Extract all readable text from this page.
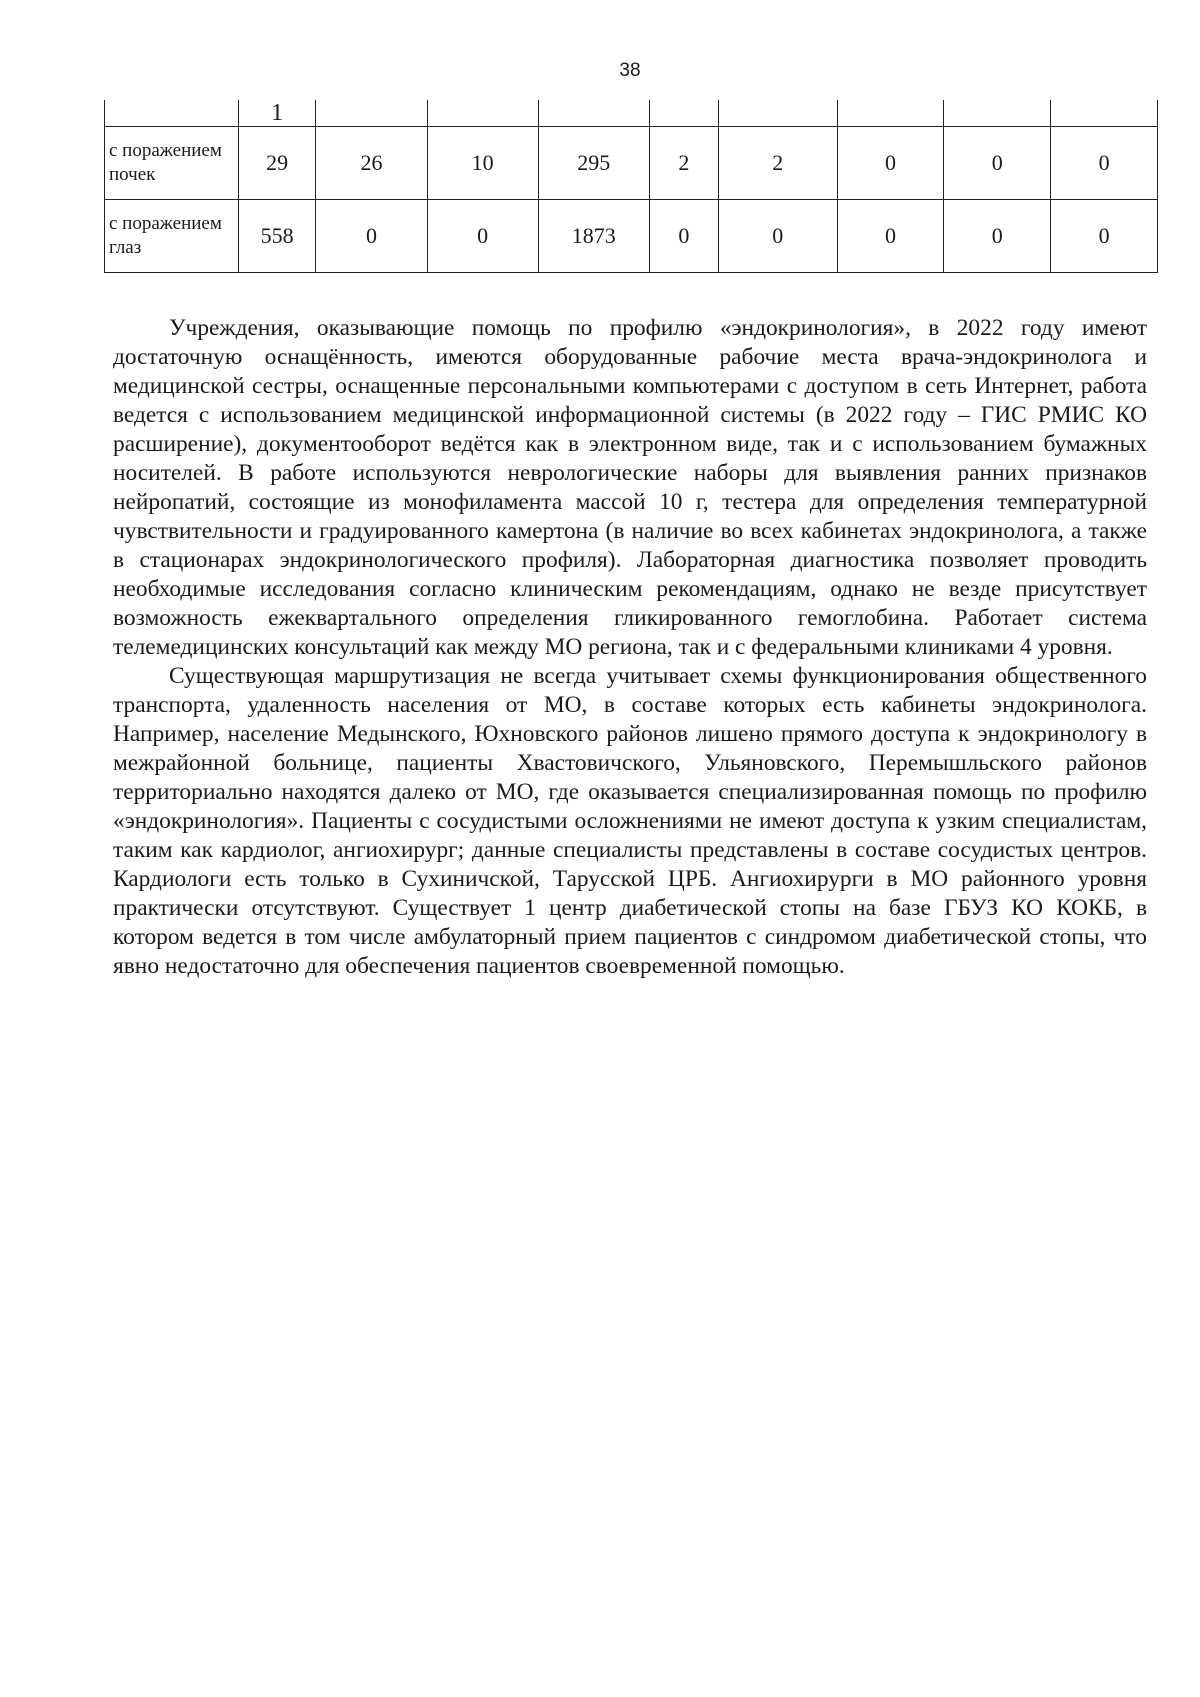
38
	1								
с поражением почек	29	26	10	295	2	2	0	0	0
с поражением глаз	558	0	0	1873	0	0	0	0	0

Учреждения, оказывающие помощь по профилю «эндокринология», в 2022 году имеют достаточную оснащённость, имеются оборудованные рабочие места врача-эндокринолога и медицинской сестры, оснащенные персональными компьютерами с доступом в сеть Интернет, работа ведется с использованием медицинской информационной системы (в 2022 году – ГИС РМИС КО расширение), документооборот ведётся как в электронном виде, так и с использованием бумажных носителей. В работе используются неврологические наборы для выявления ранних признаков нейропатий, состоящие из монофиламента массой 10 г, тестера для определения температурной чувствительности и градуированного камертона (в наличие во всех кабинетах эндокринолога, а также в стационарах эндокринологического профиля). Лабораторная диагностика позволяет проводить необходимые исследования согласно клиническим рекомендациям, однако не везде присутствует возможность ежеквартального определения гликированного гемоглобина. Работает система телемедицинских консультаций как между МО региона, так и с федеральными клиниками 4 уровня.

Существующая маршрутизация не всегда учитывает схемы функционирования общественного транспорта, удаленность населения от МО, в составе которых есть кабинеты эндокринолога. Например, население Медынского, Юхновского районов лишено прямого доступа к эндокринологу в межрайонной больнице, пациенты Хвастовичского, Ульяновского, Перемышльского районов территориально находятся далеко от МО, где оказывается специализированная помощь по профилю «эндокринология». Пациенты с сосудистыми осложнениями не имеют доступа к узким специалистам, таким как кардиолог, ангиохирург; данные специалисты представлены в составе сосудистых центров. Кардиологи есть только в Сухиничской, Тарусской ЦРБ. Ангиохирурги в МО районного уровня практически отсутствуют. Существует 1 центр диабетической стопы на базе ГБУЗ КО КОКБ, в котором ведется в том числе амбулаторный прием пациентов с синдромом диабетической стопы, что явно недостаточно для обеспечения пациентов своевременной помощью.
